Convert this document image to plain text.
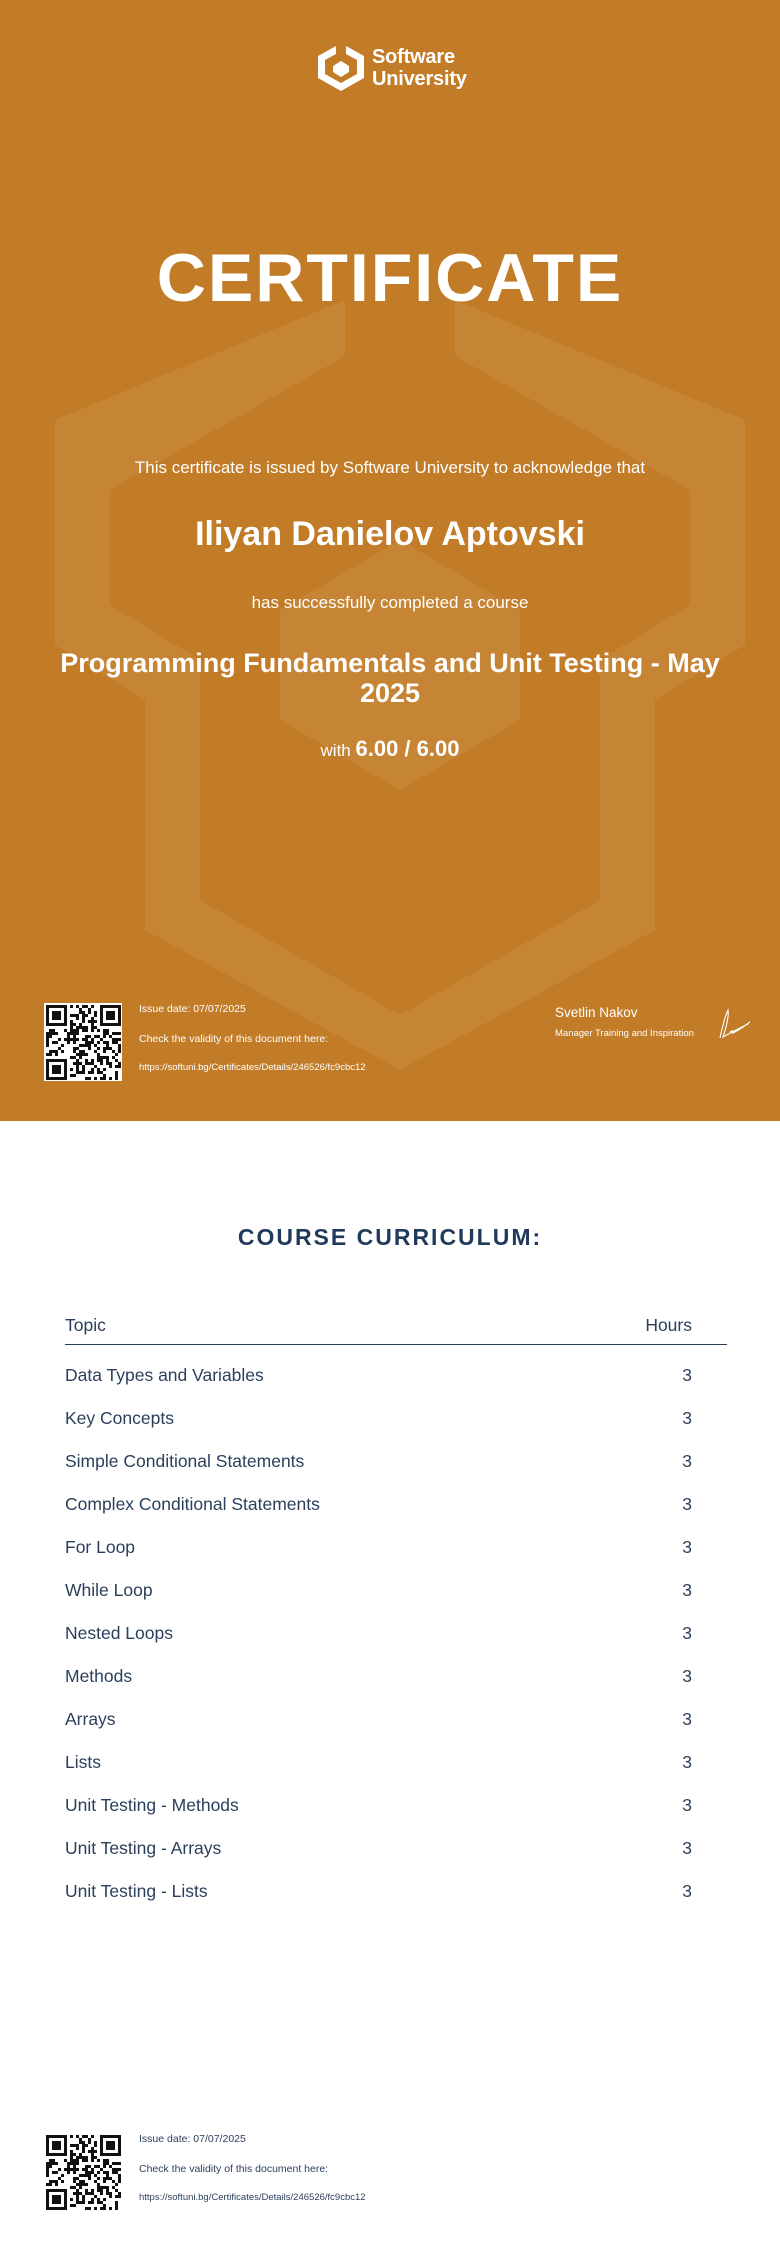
Software
University
CERTIFICATE
This certificate is issued by Software University to acknowledge that
Iliyan Danielov Aptovski
has successfully completed a course
Programming Fundamentals and Unit Testing - May 2025
with 6.00 / 6.00
Issue date: 07/07/2025
Check the validity of this document here:
https://softuni.bg/Certificates/Details/246526/fc9cbc12
Svetlin Nakov
Manager Training and Inspiration
COURSE CURRICULUM:
Topic	Hours
Data Types and Variables	3
Key Concepts	3
Simple Conditional Statements	3
Complex Conditional Statements	3
For Loop	3
While Loop	3
Nested Loops	3
Methods	3
Arrays	3
Lists	3
Unit Testing - Methods	3
Unit Testing - Arrays	3
Unit Testing - Lists	3
Issue date: 07/07/2025
Check the validity of this document here:
https://softuni.bg/Certificates/Details/246526/fc9cbc12
